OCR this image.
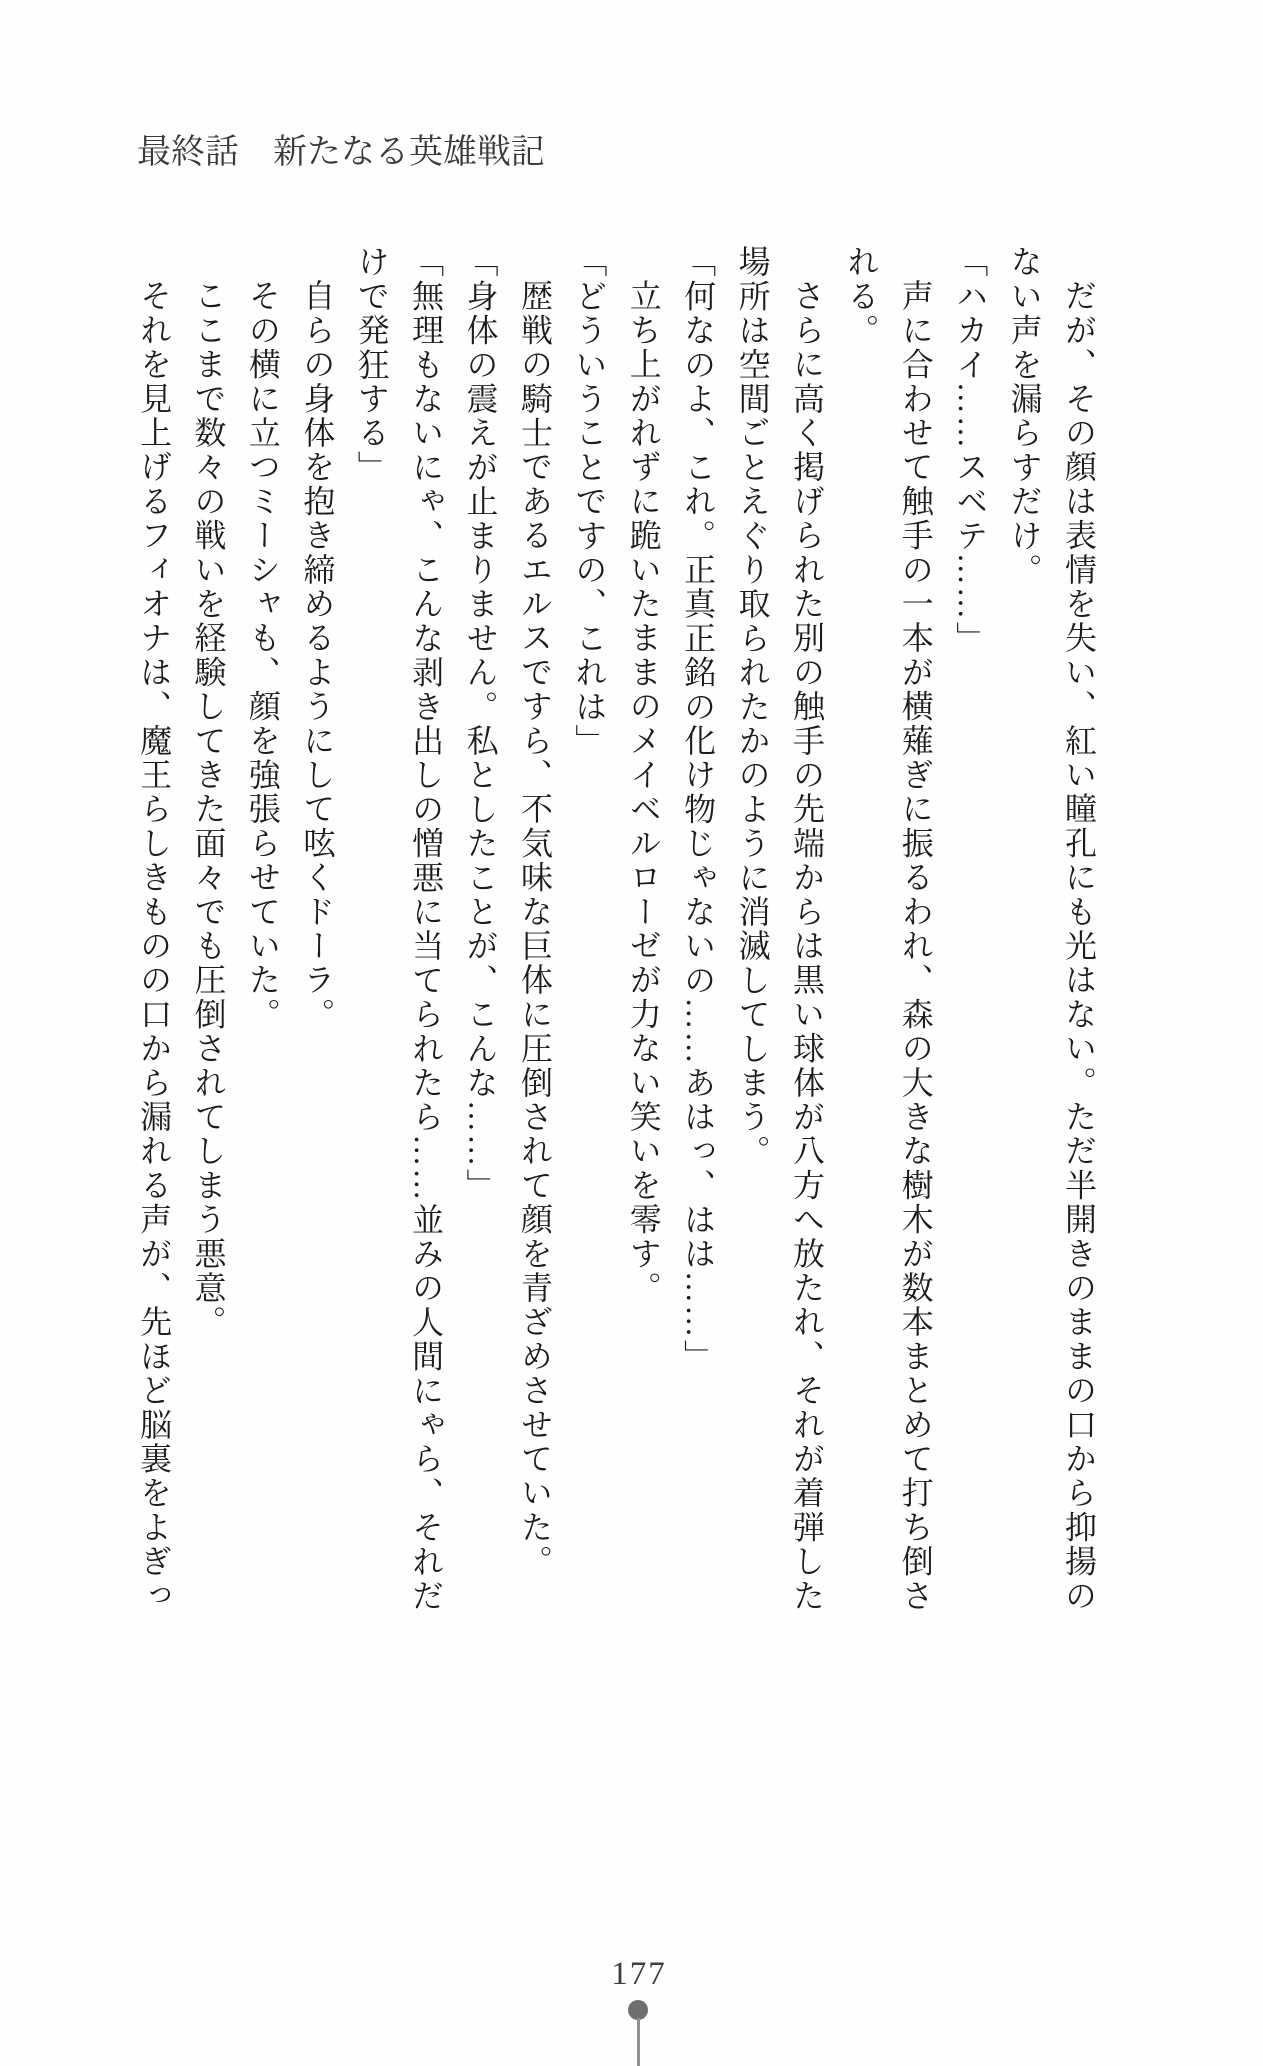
最終話　新たなる英雄戦記

だが、その顔は表情を失い、紅い瞳孔にも光はない。ただ半開きのままの口から抑揚のない声を漏らすだけ。

「ハカイ……スベテ……」

声に合わせて触手の一本が横薙ぎに振るわれ、森の大きな樹木が数本まとめて打ち倒される。

さらに高く掲げられた別の触手の先端からは黒い球体が八方へ放たれ、それが着弾した場所は空間ごとえぐり取られたかのように消滅してしまう。

「何なのよ、これ。正真正銘の化け物じゃないの……あはっ、はは……」

立ち上がれずに跪いたままのメイベルローゼが力ない笑いを零す。

「どういうことですの、これは」

歴戦の騎士であるエルスですら、不気味な巨体に圧倒されて顔を青ざめさせていた。

「身体の震えが止まりません。私としたことが、こんな……」

「無理もないにゃ、こんな剥き出しの憎悪に当てられたら……並みの人間にゃら、それだけで発狂する」

自らの身体を抱き締めるようにして呟くドーラ。

その横に立つミーシャも、顔を強張らせていた。

ここまで数々の戦いを経験してきた面々でも圧倒されてしまう悪意。

それを見上げるフィオナは、魔王らしきものの口から漏れる声が、先ほど脳裏をよぎっ

177
